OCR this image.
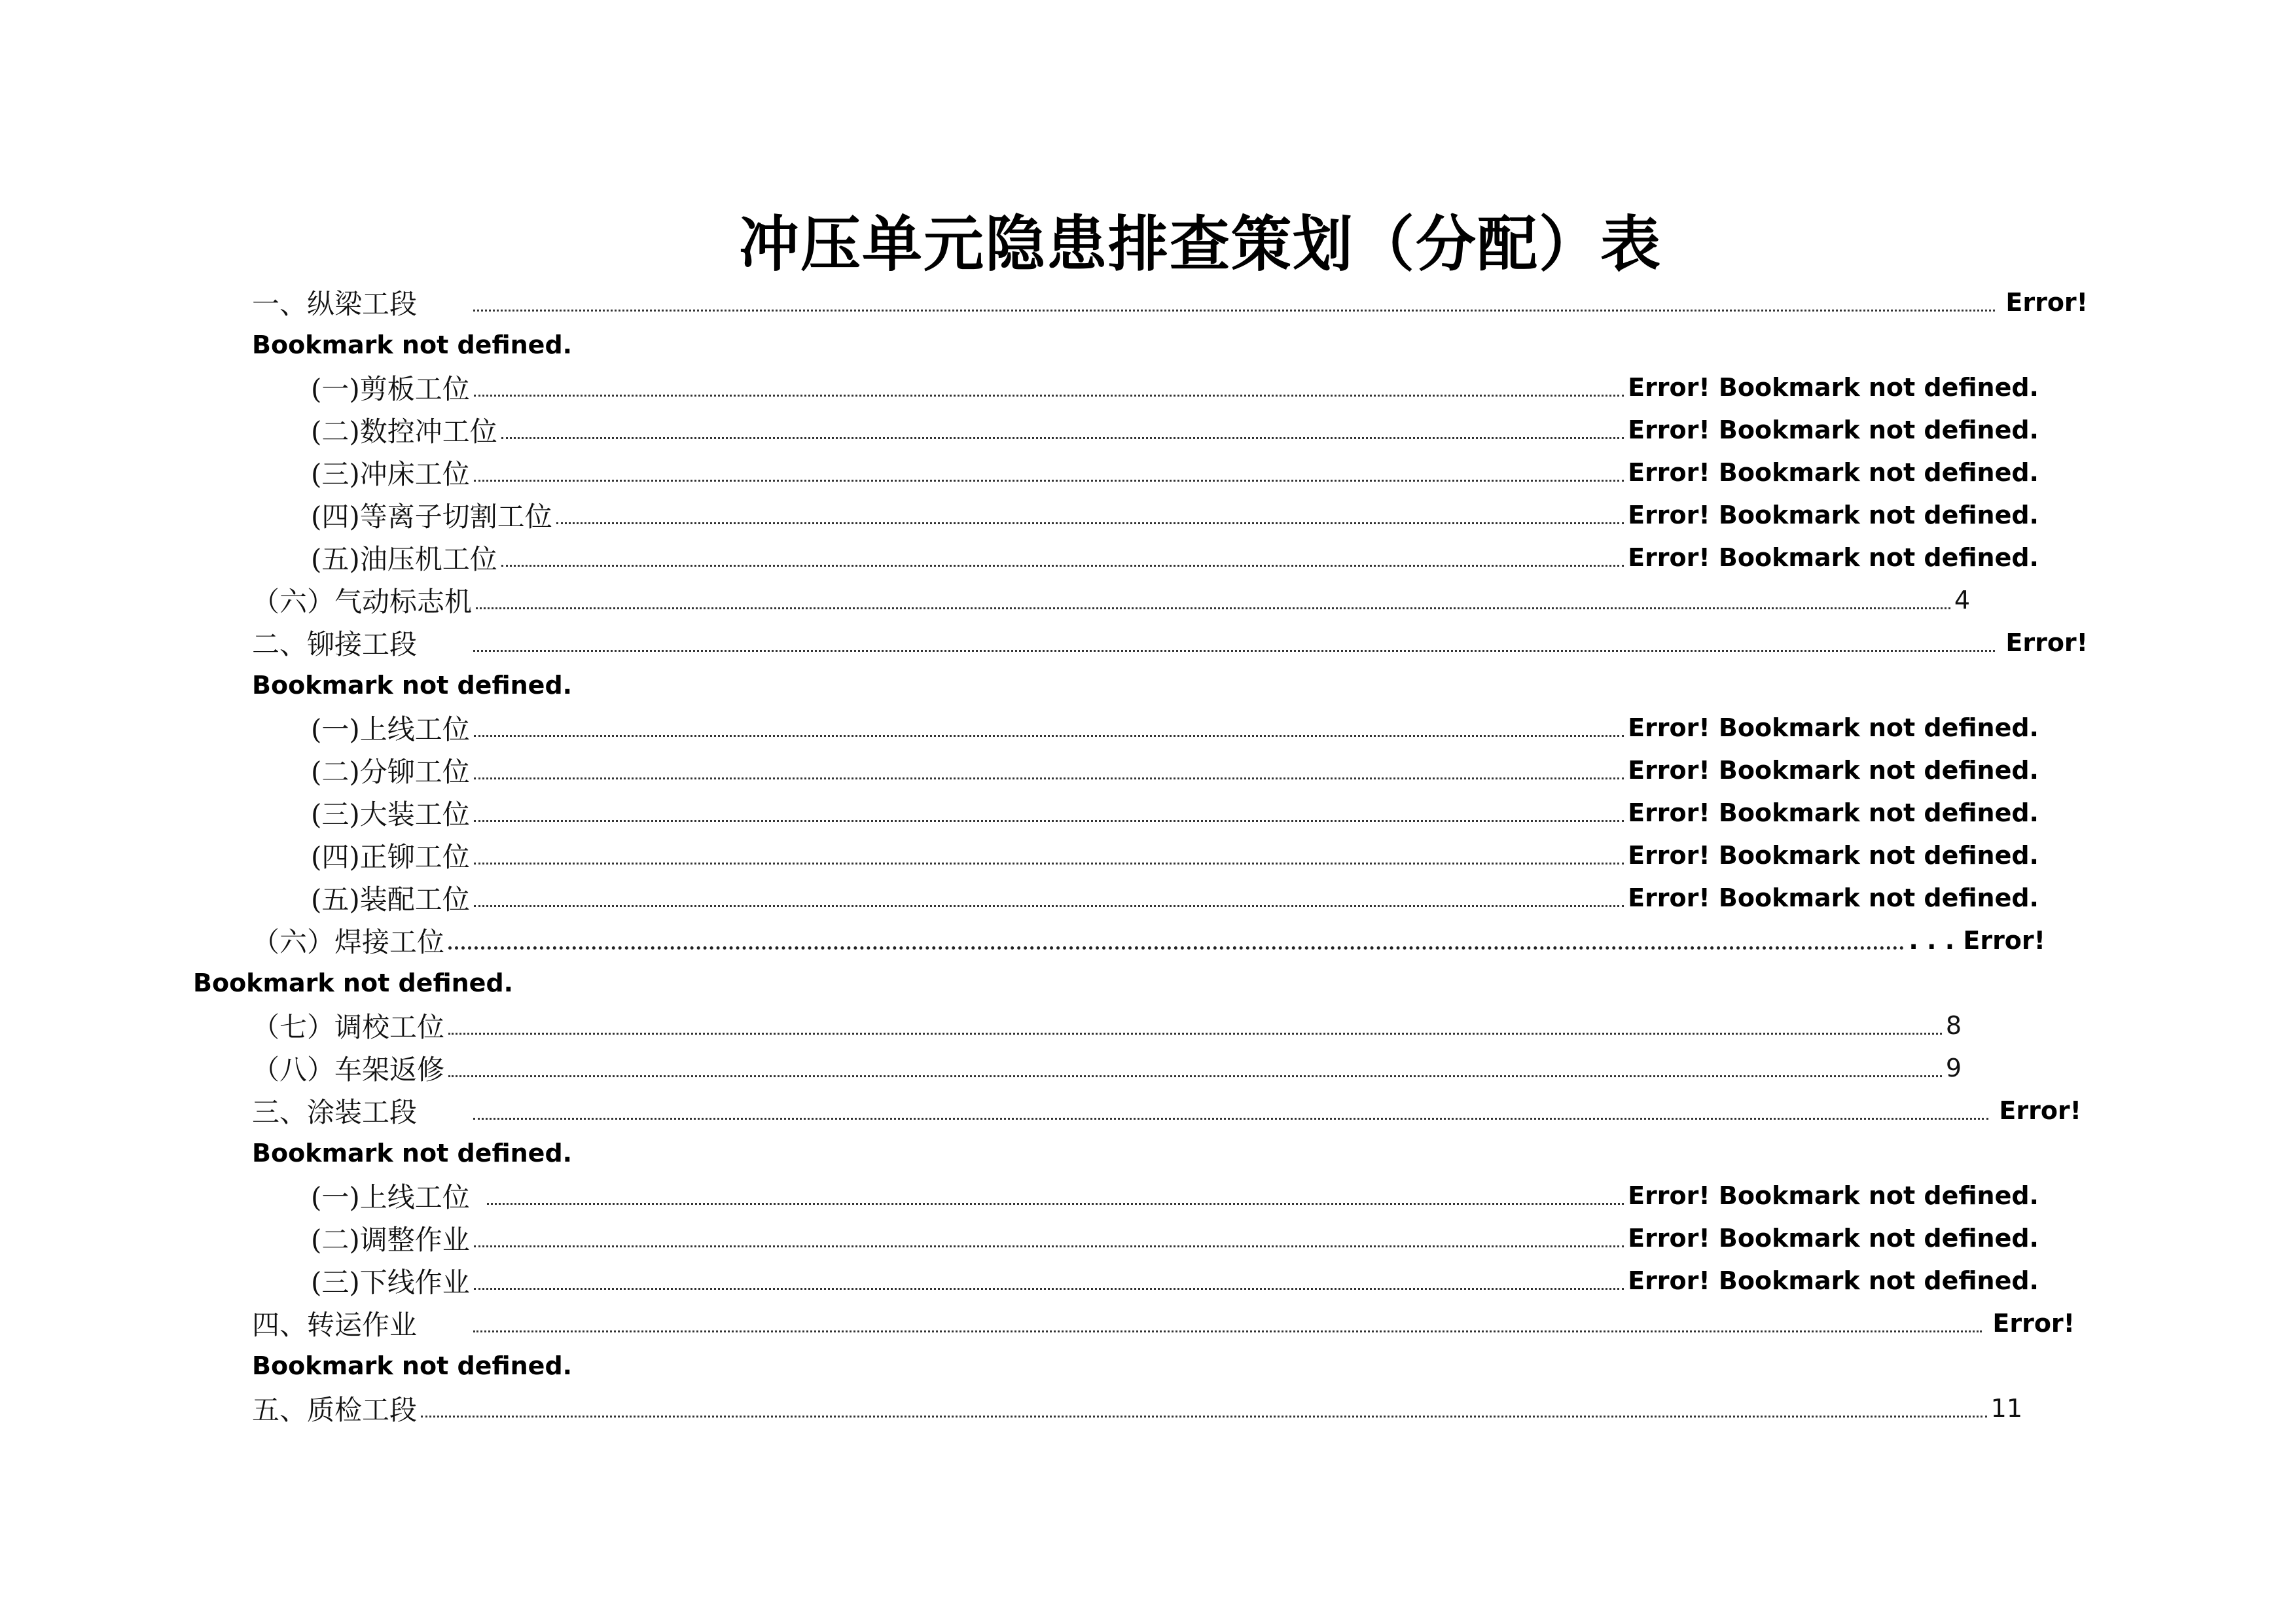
冲压单元隐患排查策划（分配）表
一、纵梁工段	Error!
Bookmark not defined.
(一)剪板工位	Error! Bookmark not defined.
(二)数控冲工位	Error! Bookmark not defined.
(三)冲床工位	Error! Bookmark not defined.
(四)等离子切割工位	Error! Bookmark not defined.
(五)油压机工位	Error! Bookmark not defined.
（六）气动标志机	4
二、铆接工段	Error!
Bookmark not defined.
(一)上线工位	Error! Bookmark not defined.
(二)分铆工位	Error! Bookmark not defined.
(三)大装工位	Error! Bookmark not defined.
(四)正铆工位	Error! Bookmark not defined.
(五)装配工位	Error! Bookmark not defined.
（六）焊接工位	. . . Error!
Bookmark not defined.
（七）调校工位	8
（八）车架返修	9
三、涂装工段	Error!
Bookmark not defined.
(一)上线工位	Error! Bookmark not defined.
(二)调整作业	Error! Bookmark not defined.
(三)下线作业	Error! Bookmark not defined.
四、转运作业	Error!
Bookmark not defined.
五、质检工段	11
